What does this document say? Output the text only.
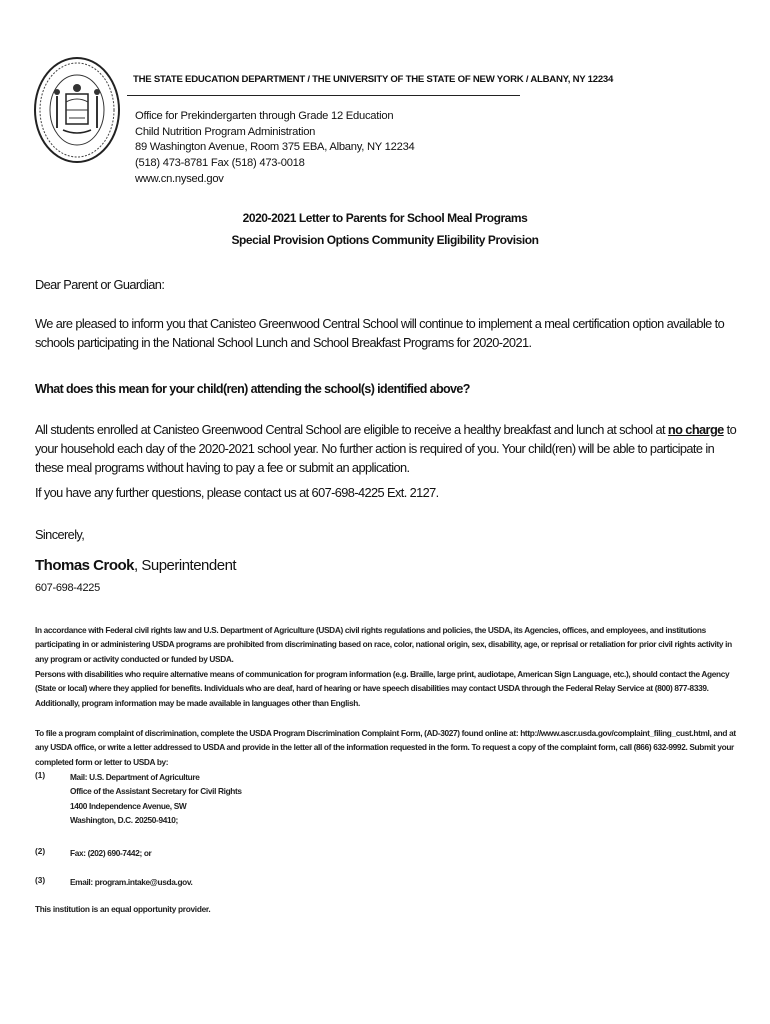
THE STATE EDUCATION DEPARTMENT / THE UNIVERSITY OF THE STATE OF NEW YORK / ALBANY, NY 12234
Office for Prekindergarten through Grade 12 Education
Child Nutrition Program Administration
89 Washington Avenue, Room 375 EBA, Albany, NY 12234
(518) 473-8781 Fax (518) 473-0018
www.cn.nysed.gov
2020-2021 Letter to Parents for School Meal Programs
Special Provision Options Community Eligibility Provision
Dear Parent or Guardian:
We are pleased to inform you that Canisteo Greenwood Central School will continue to implement a meal certification option available to schools participating in the National School Lunch and School Breakfast Programs for 2020-2021.
What does this mean for your child(ren) attending the school(s) identified above?
All students enrolled at Canisteo Greenwood Central School are eligible to receive a healthy breakfast and lunch at school at no charge to your household each day of the 2020-2021 school year. No further action is required of you. Your child(ren) will be able to participate in these meal programs without having to pay a fee or submit an application.
If you have any further questions, please contact us at 607-698-4225 Ext. 2127.
Sincerely,
Thomas Crook, Superintendent
607-698-4225
In accordance with Federal civil rights law and U.S. Department of Agriculture (USDA) civil rights regulations and policies, the USDA, its Agencies, offices, and employees, and institutions participating in or administering USDA programs are prohibited from discriminating based on race, color, national origin, sex, disability, age, or reprisal or retaliation for prior civil rights activity in any program or activity conducted or funded by USDA.
Persons with disabilities who require alternative means of communication for program information (e.g. Braille, large print, audiotape, American Sign Language, etc.), should contact the Agency (State or local) where they applied for benefits. Individuals who are deaf, hard of hearing or have speech disabilities may contact USDA through the Federal Relay Service at (800) 877-8339. Additionally, program information may be made available in languages other than English.
To file a program complaint of discrimination, complete the USDA Program Discrimination Complaint Form, (AD-3027) found online at: http://www.ascr.usda.gov/complaint_filing_cust.html, and at any USDA office, or write a letter addressed to USDA and provide in the letter all of the information requested in the form. To request a copy of the complaint form, call (866) 632-9992. Submit your completed form or letter to USDA by:
(1)	Mail: U.S. Department of Agriculture
Office of the Assistant Secretary for Civil Rights
1400 Independence Avenue, SW
Washington, D.C. 20250-9410;
(2)	Fax: (202) 690-7442; or
(3)	Email: program.intake@usda.gov.
This institution is an equal opportunity provider.
